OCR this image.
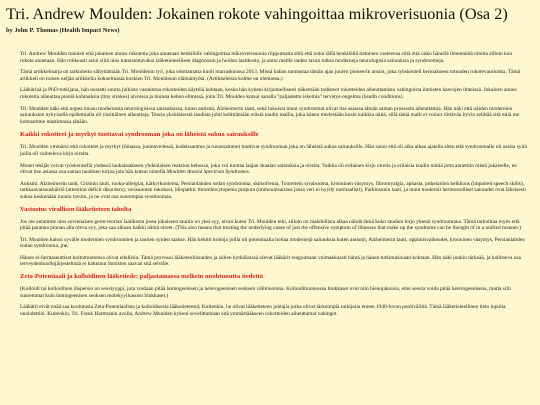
Tri. Andrew Moulden: Jokainen rokote vahingoittaa mikroverisuonia (Osa 2)
by John P. Thomas (Health Impact News)

Tri. Andrew Moulden tunnisti että jokainen annos rokotetta joka annetaan henkilölle vahingoittaa mikroverisuonia riippumatta siitä että onko tällä henkilöllä tietoinen vasteensa siitä että onko hänellä ilmenneitä oireita silloin kun rokote annetaan. Hän rohkeasti asiui siitä ulos tunnistettavaksi lääketieteellisen diagnoosin ja hoidon laatikosta, ja antoi meille uuden tavan tutkia moderneja neurologisia sairauksia ja syndroomeja.

Tämä artikkelisarja on tarkoitettu sällyttämään Tri. Mouldenin työ, joka odottamatta kuoli marraskuussa 2013. Missä hahan tunnustaa tämän ajan juuren pioneerin ansiot, joka työskenteli kertoakseen totuuden rokotevaurioista. Tämä artikkeli on toinen neljän artikkelin kokoelmasta koskien Tri. Mouldenin elämäntyötä. (Artikkeleista kolme on olemassa.)

Lääkärinä ja PhD-tutkijana, hän nostatti suurta julkista vastaintoa rokotteiden käyttöä kohtaan, koska hän kykeni kirjaimellisesti näkemään todisteet rokotteiden aiheuttamista vahingoista ihmisten kasvojen ilmeissä. Jokainen annos rokotetta aiheuttaa pieniä kohtauksia (tiny strokes) aivoissa ja muissa kehon elimissä, joita Tri. Moulden kutsui sanalla "paljastettu iskemia" tervetys-ongelma (health conditions).

Tri. Moulden näki että nopea nousu modernesta neurologisissa sairauksissa, kuten autismi, Alzheimerin tauti, sekä lukuisat muut syndroomat olivat itse asiassa tämän saman prosessin aiheuttamia. Hän näki että näiden modernien sairauksien nykyisellä epidemialla oli yksittäinen aiheuttaja. Teoria yksittäisestä taudista johti kehittämään erästä taudin mallia, joka hänen mielestään koski kaikkia näitä, sillä tämä malli ei voinut riittävän hyvin selittää sitä mitä me kohtaamme mastimassa tänään.

Kaikki rokotteet ja myrkyt tuottavat syndrooman joka on läheistä sukua sairauksille

Tri. Moulden ymmärsi että rokotteet ja myrkyt (ilmassa, juomavedessä, kodeissamme ja ruoassamme) tuottivat syndrooman joka on läheistä sukua sairauksille. Hän sanoi että oli aika alkaa ajatella siten että syndroomalle oli useita syitä joilla oli vaihteleva kirjo oireita.

Monet tekijät voivat työskennellä yhdessä laukaistakseen yhdenlaisen reaktion kehossa, joka voi tuottaa laajan skaalan sairauksia ja oireita. Vaikka oli erilainen kirjo oireita ja erilaisia taudin nimiä jotta annettiin niistä jokaiselle, ne olivat itse asiassa osa samaa taudinen kirjoa jota hän kutsui nimellä Moulden Anoxia Spectrum Syndromes.

Autismi, Alzheimerin tauti, Crohnin tauti, ruoka-allergiat, kätkyrkuolema, Persianlahden sodan syndrooma, skitsofrenia, Tourettein syndrooma, krooninen väsymys, fibromyalgia, aphasia, puhetaidon heikkous (impaired speech skills), tarkkaavaisuushäiriö (attention deficit disorders), verisuonten tukokset, idiopathic thrombocytopenia purpura (immuunisairaus jossa veri ei hyydy normaalisti), Parkinsonin tauti, ja muut modernit hermostolliset sairaudet ovat läheisesti sukua keskenään monin tavoin, ja ne ovat osa suurempaa syndroomaa.

Vastustus virallisen lääketieteen taholta

Jos me antamme ulos sovinnaisen germ-teorian laatikosta jossa jokaiseen tautiin on yksi syy, aivan kuten Tri. Moulden teki, silloin on mahdollista alkaa nähdä tämä koko taudien kirjo yhtenä syndroomana. Tämä tarkoittaa myös että pitää paranna pinnan alla oleva syy, joka saa aikaan kaikki nämä oireet. (This also means that treating the underlying cause of just the offensive symptom of illnesses that make up the syndrome can be thought of in a unified manner.)

Tri. Moulden katsoi syvälle modernien syndroomien ja tautien syiden taakse. Hän kehitti hoitoja joilla oli potentiaalia hoitaa modernejä sairauksia kuten autismi, Alzheimerin tauti, oppimisvaikeudet, krooninen väsymys, Persianlahden sodan syndrooma, jne.

Hänen ei-farmaseuttiset hoitomuotonsa olivat edullisia. Tämä provosoi lääketeollisuuden ja siihen kytköksissä olevat lääkärit reagoimaan voimakkaasti häntä ja hänen tutkimuksiaan kohtaan. Hän näki jonkin tärkeää, ja hallitseva osa terveydenhuoltojärjestelmää ei halunnut ihmisten saavan sitä selville.

Zeta-Potentiaali ja kolloidinen lääketiede: paljastamassa melkein unohtunutta tiedettä

(Kolloidi tai kolloidinen dispersio on seostyyppi, jota voidaan pitää homogeenisen ja heterogeenisen seoksen välimuotona. Kolloidiliuoksessa hiukkaset ovat niin hienojakoisia, ettei seosta voida pitää heterogeenisena, mutta silti suuremmat kuin homogeenisen seoksen molekyylitasoon hiukkaset.)

Lääkärit eivät enää saa koulutusta Zeta-Potentiaalista ja kolloidisesta lääketieteestä; Kuitenkin, he olivat lääketieteen johtajia jotka olivat tärkeimpiä tutkijoita ennen 1940-luvun puoliväliltä. Tämä lääketieteellinen tieto lopulta unohdettiin. Kuitenkin, Tri. Frank Hartmanin avulla, Andrew Moulden kykeni sovelittamaan sitä ymmärtääkseen rokotteiden aiheuttamat vahingot.
